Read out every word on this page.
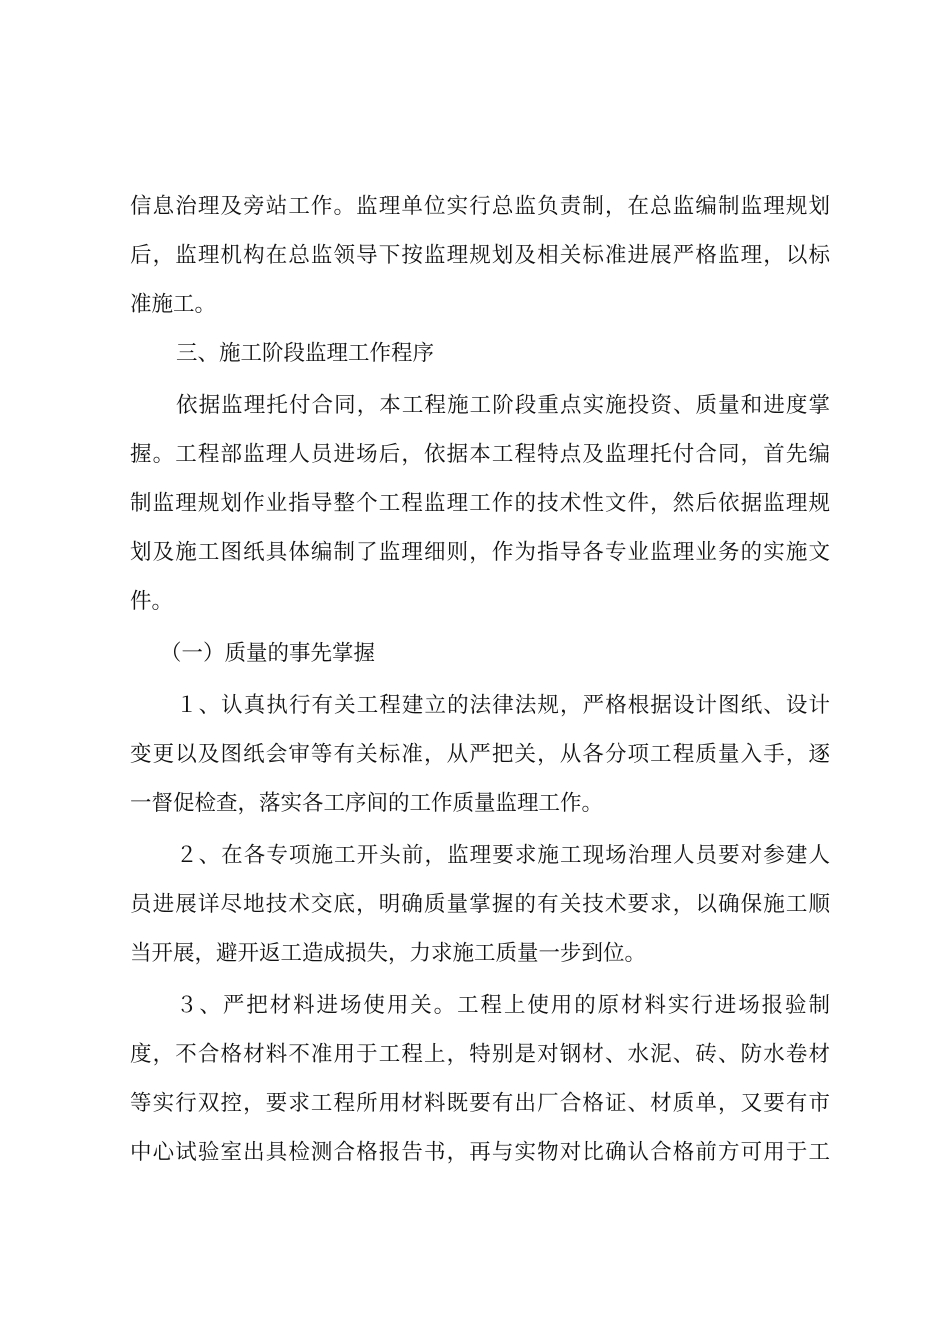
信息治理及旁站工作。监理单位实行总监负责制，在总监编制监理规划
后，监理机构在总监领导下按监理规划及相关标准进展严格监理，以标
准施工。
三、施工阶段监理工作程序
依据监理托付合同，本工程施工阶段重点实施投资、质量和进度掌
握。工程部监理人员进场后，依据本工程特点及监理托付合同，首先编
制监理规划作业指导整个工程监理工作的技术性文件，然后依据监理规
划及施工图纸具体编制了监理细则，作为指导各专业监理业务的实施文
件。
（一）质量的事先掌握
１、认真执行有关工程建立的法律法规，严格根据设计图纸、设计
变更以及图纸会审等有关标准，从严把关，从各分项工程质量入手，逐
一督促检查，落实各工序间的工作质量监理工作。
２、在各专项施工开头前，监理要求施工现场治理人员要对参建人
员进展详尽地技术交底，明确质量掌握的有关技术要求，以确保施工顺
当开展，避开返工造成损失，力求施工质量一步到位。
３、严把材料进场使用关。工程上使用的原材料实行进场报验制
度，不合格材料不准用于工程上，特别是对钢材、水泥、砖、防水卷材
等实行双控，要求工程所用材料既要有出厂合格证、材质单，又要有市
中心试验室出具检测合格报告书，再与实物对比确认合格前方可用于工
